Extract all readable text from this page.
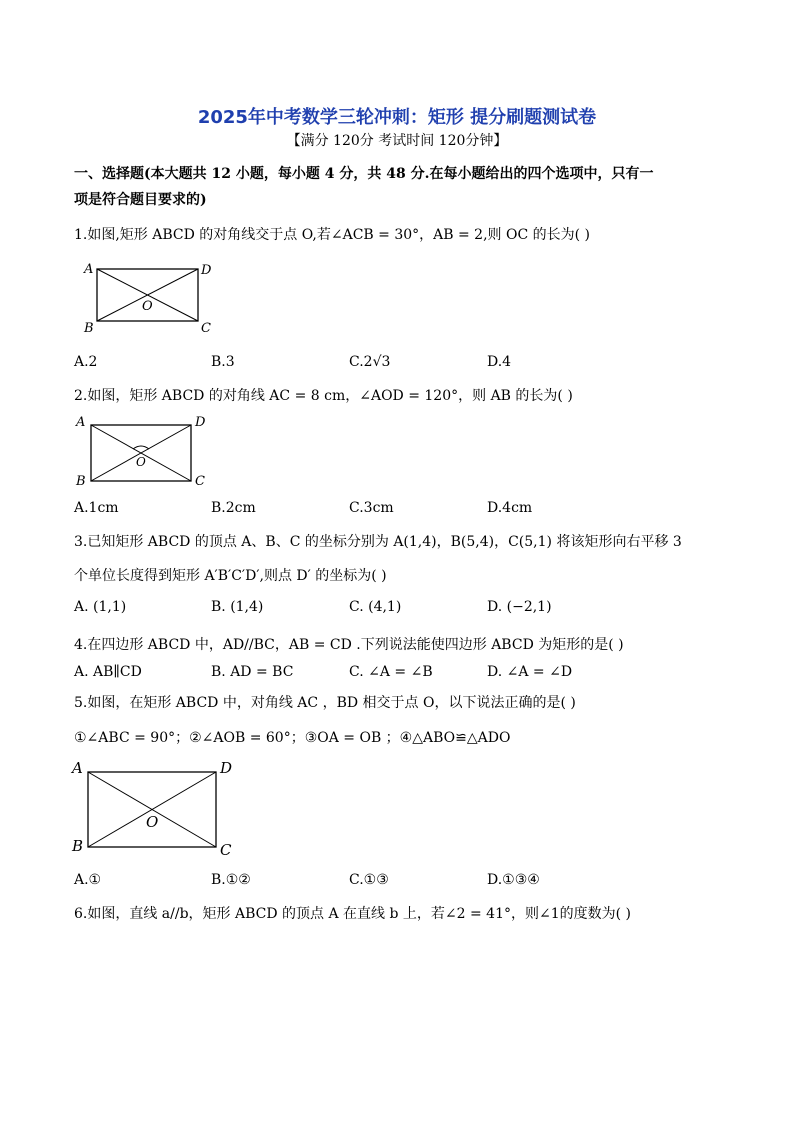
2025年中考数学三轮冲刺：矩形 提分刷题测试卷
【满分 120分 考试时间 120分钟】
一、选择题(本大题共 12 小题，每小题 4 分，共 48 分.在每小题给出的四个选项中，只有一
项是符合题目要求的)
1.如图,矩形 ABCD 的对角线交于点 O,若∠ACB = 30°，AB = 2,则 OC 的长为( )
A	D
B	C
O
A.2	B.3	C.2√3	D.4
2.如图，矩形 ABCD 的对角线 AC = 8 cm，∠AOD = 120°，则 AB 的长为( )
A	D
B	C
O
A.1cm	B.2cm	C.3cm	D.4cm
3.已知矩形 ABCD 的顶点 A、B、C 的坐标分别为 A(1,4)，B(5,4)，C(5,1) 将该矩形向右平移 3
个单位长度得到矩形 A′B′C′D′,则点 D′ 的坐标为( )
A. (1,1)	B. (1,4)	C. (4,1)	D. (−2,1)
4.在四边形 ABCD 中，AD//BC，AB = CD .下列说法能使四边形 ABCD 为矩形的是( )
A. AB∥CD	B. AD = BC	C. ∠A = ∠B	D. ∠A = ∠D
5.如图，在矩形 ABCD 中，对角线 AC ，BD 相交于点 O，以下说法正确的是( )
①∠ABC = 90°；②∠AOB = 60°；③OA = OB ；④△ABO≌△ADO
A	D
B	C
O
A.①	B.①②	C.①③	D.①③④
6.如图，直线 a//b，矩形 ABCD 的顶点 A 在直线 b 上，若∠2 = 41°，则∠1的度数为( )
